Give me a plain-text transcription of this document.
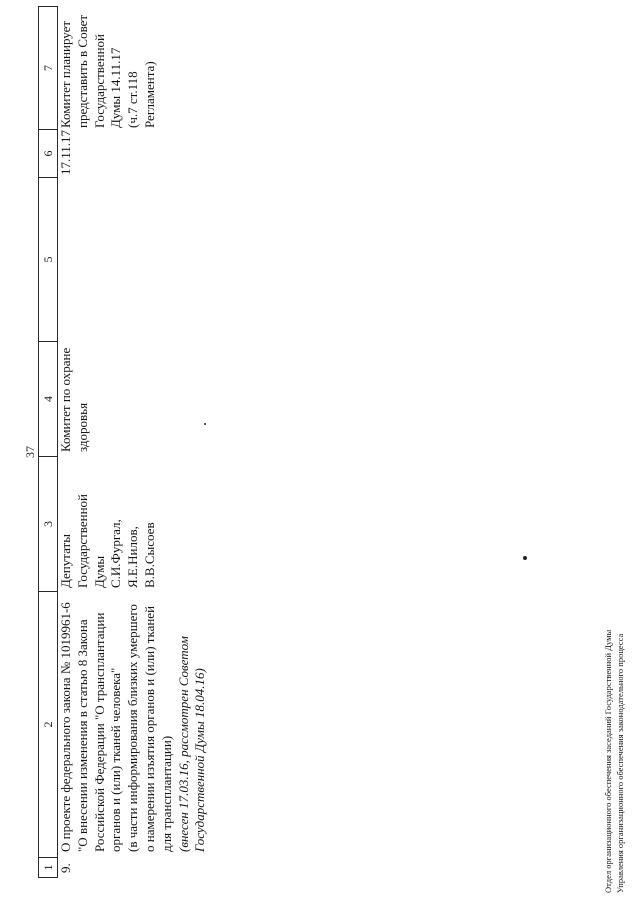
37
1
2
3
4
5
6
7
9.
О проекте федерального закона № 1019961-6 "О внесении изменения в статью 8 Закона Российской Федерации "О трансплантации органов и (или) тканей человека" (в части информирования близких умершего о намерении изъятия органов и (или) тканей для трансплантации) (внесен 17.03.16, рассмотрен Советом Государственной Думы 18.04.16)
Депутаты Государственной Думы С.И.Фургал, Я.Е.Нилов, В.В.Сысоев
Комитет по охране здоровья
17.11.17
Комитет планирует представить в Совет Государственной Думы 14.11.17 (ч.7 ст.118 Регламента)
Отдел организационного обеспечения заседаний Государственной Думы Управления организационного обеспечения законодательного процесса
